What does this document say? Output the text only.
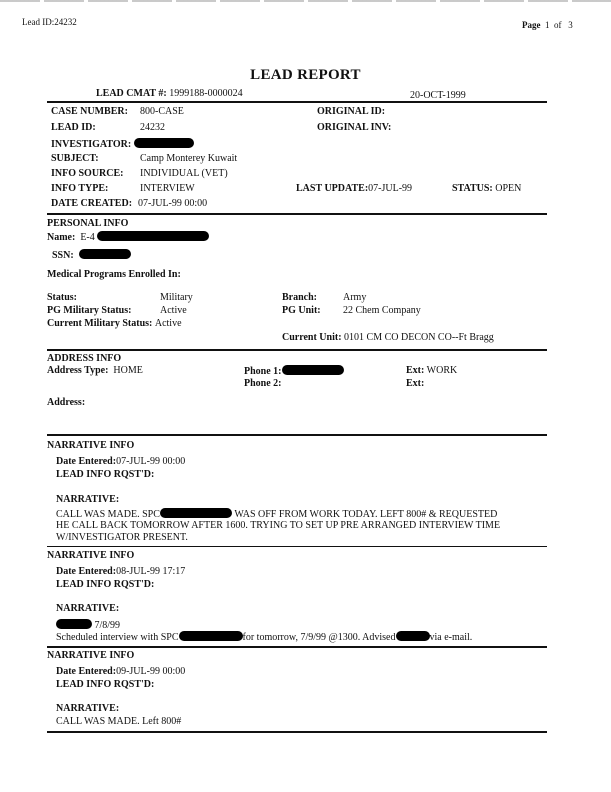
Lead ID:24232	Page 1 of 3
LEAD REPORT
LEAD CMAT #: 1999188-0000024	20-OCT-1999
CASE NUMBER: 800-CASE	ORIGINAL ID:
LEAD ID:	24232	ORIGINAL INV:
INVESTIGATOR:
SUBJECT:	Camp Monterey Kuwait
INFO SOURCE: INDIVIDUAL (VET)
INFO TYPE:	INTERVIEW	LAST UPDATE:07-JUL-99	STATUS: OPEN
DATE CREATED: 07-JUL-99 00:00
PERSONAL INFO
Name: E-4
SSN:
Medical Programs Enrolled In:
Status:	Military	Branch:	Army
PG Military Status:	Active	PG Unit: 22 Chem Company
Current Military Status: Active
Current Unit: 0101 CM CO DECON CO--Ft Bragg
ADDRESS INFO
Address Type: HOME	Phone 1:	Ext: WORK
Phone 2:	Ext:
Address:
NARRATIVE INFO
Date Entered:07-JUL-99 00:00
LEAD INFO RQST'D:
NARRATIVE:
CALL WAS MADE. SPC	WAS OFF FROM WORK TODAY. LEFT 800# & REQUESTED
HE CALL BACK TOMORROW AFTER 1600. TRYING TO SET UP PRE ARRANGED INTERVIEW TIME
W/INVESTIGATOR PRESENT.
NARRATIVE INFO
Date Entered:08-JUL-99 17:17
LEAD INFO RQST'D:
NARRATIVE:
7/8/99
Scheduled interview with SPC	for tomorrow, 7/9/99 @1300. Advised	via e-mail.
NARRATIVE INFO
Date Entered:09-JUL-99 00:00
LEAD INFO RQST'D:
NARRATIVE:
CALL WAS MADE. Left 800#
